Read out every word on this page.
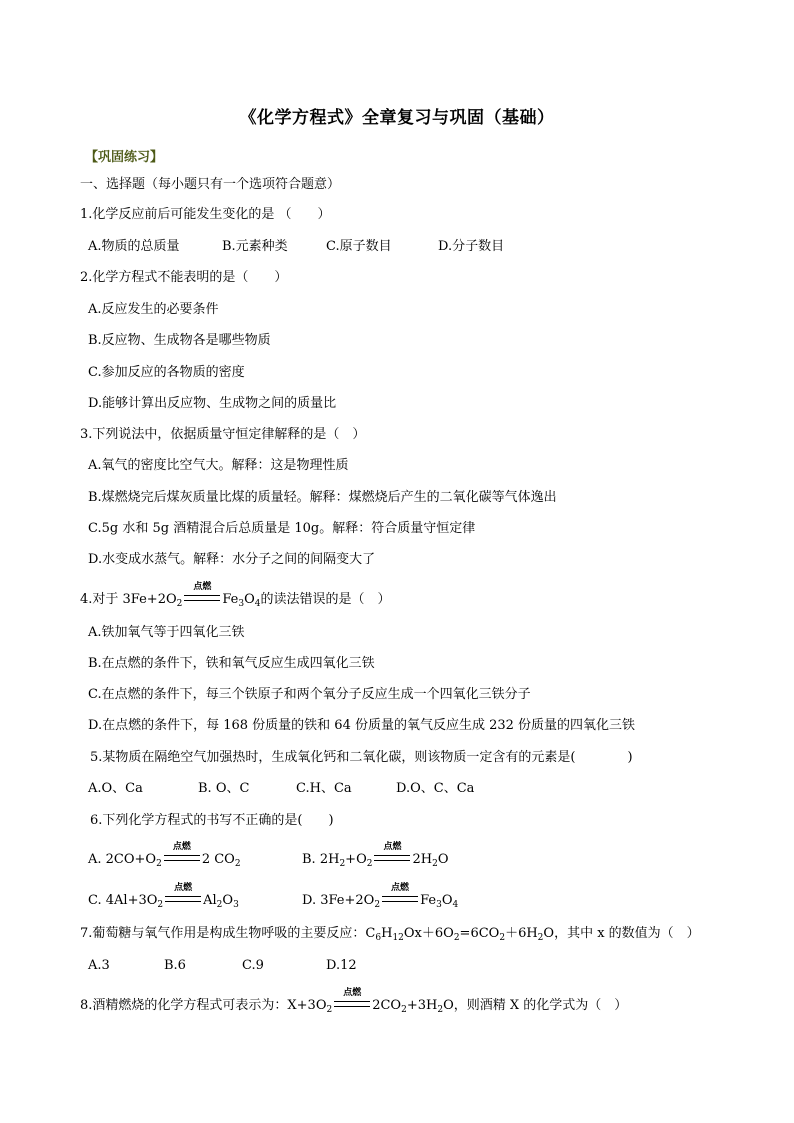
《化学方程式》全章复习与巩固（基础）
【巩固练习】
一、选择题（每小题只有一个选项符合题意）
1.化学反应前后可能发生变化的是 （　　）
A.物质的总质量	B.元素种类	C.原子数目	D.分子数目
2.化学方程式不能表明的是（　　）
A.反应发生的必要条件
B.反应物、生成物各是哪些物质
C.参加反应的各物质的密度
D.能够计算出反应物、生成物之间的质量比
3.下列说法中，依据质量守恒定律解释的是（　）
A.氧气的密度比空气大。解释：这是物理性质
B.煤燃烧完后煤灰质量比煤的质量轻。解释：煤燃烧后产生的二氧化碳等气体逸出
C.5g 水和 5g 酒精混合后总质量是 10g。解释：符合质量守恒定律
D.水变成水蒸气。解释：水分子之间的间隔变大了
4.对于 $3Fe+2O_2$
点燃
$Fe_3O_4$的读法错误的是（　）
A.铁加氧气等于四氧化三铁
B.在点燃的条件下，铁和氧气反应生成四氧化三铁
C.在点燃的条件下，每三个铁原子和两个氧分子反应生成一个四氧化三铁分子
D.在点燃的条件下，每 168 份质量的铁和 64 份质量的氧气反应生成 232 份质量的四氧化三铁
5.某物质在隔绝空气加强热时，生成氧化钙和二氧化碳，则该物质一定含有的元素是(　　　　)
A.O、Ca	B. O、C	C.H、Ca	D.O、C、Ca
6.下列化学方程式的书写不正确的是(　　)
A. $2CO+O_2$
点燃
2 $CO_2$	B. $2H_2+O_2$
点燃
$2H_2O$
C. $4Al+3O_2$
点燃
$Al_2O_3$	D. $3Fe+2O_2$
点燃
$Fe_3O_4$
7.葡萄糖与氧气作用是构成生物呼吸的主要反应：$C_6H_{12}Ox+6O_2=6CO_2+6H_2O$，其中 x 的数值为（　）
A.3	B.6	C.9	D.12
8.酒精燃烧的化学方程式可表示为：$X+3O_2$
点燃
$2CO_2+3H_2O$，则酒精 X 的化学式为（　）
